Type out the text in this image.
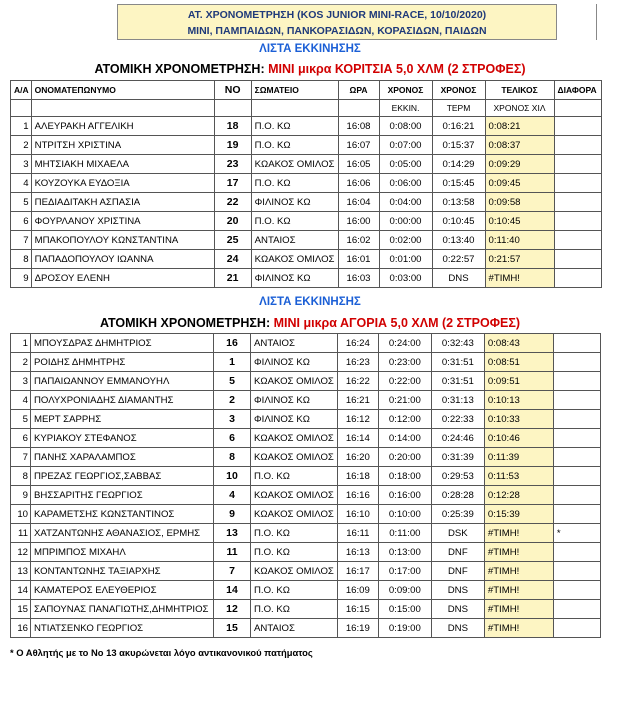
ΑΤ. ΧΡΟΝΟΜΕΤΡΗΣΗ (KOS JUNIOR MINI-RACE, 10/10/2020)
ΜΙΝΙ, ΠΑΜΠΑΙΔΩΝ, ΠΑΝΚΟΡΑΣΙΔΩΝ, ΚΟΡΑΣΙΔΩΝ, ΠΑΙΔΩΝ
ΛΙΣΤΑ ΕΚΚΙΝΗΣΗΣ
ΑΤΟΜΙΚΗ ΧΡΟΝΟΜΕΤΡΗΣΗ: ΜΙΝΙ μικρα ΚΟΡΙΤΣΙΑ 5,0 ΧΛΜ (2 ΣΤΡΟΦΕΣ)
Α/Α	ΟΝΟΜΑΤΕΠΩΝΥΜΟ	ΝΟ	ΣΩΜΑΤΕΙΟ	ΩΡΑ	ΧΡΟΝΟΣ	ΧΡΟΝΟΣ	ΤΕΛΙΚΟΣ	ΔΙΑΦΟΡΑ
					ΕΚΚΙΝ.	ΤΕΡΜ	ΧΡΟΝΟΣ ΧΙΛ	
1	ΑΛΕΥΡΑΚΗ ΑΓΓΕΛΙΚΗ	18	Π.Ο. ΚΩ	16:08	0:08:00	0:16:21	0:08:21	
2	ΝΤΡΙΤΣΗ ΧΡΙΣΤΙΝΑ	19	Π.Ο. ΚΩ	16:07	0:07:00	0:15:37	0:08:37	
3	ΜΗΤΣΙΑΚΗ ΜΙΧΑΕΛΑ	23	ΚΩΑΚΟΣ ΟΜΙΛΟΣ	16:05	0:05:00	0:14:29	0:09:29	
4	ΚΟΥΖΟΥΚΑ ΕΥΔΟΞΙΑ	17	Π.Ο. ΚΩ	16:06	0:06:00	0:15:45	0:09:45	
5	ΠΕΔΙΑΔΙΤΑΚΗ ΑΣΠΑΣΙΑ	22	ΦΙΛΙΝΟΣ ΚΩ	16:04	0:04:00	0:13:58	0:09:58	
6	ΦΟΥΡΛΑΝΟΥ ΧΡΙΣΤΙΝΑ	20	Π.Ο. ΚΩ	16:00	0:00:00	0:10:45	0:10:45	
7	ΜΠΑΚΟΠΟΥΛΟΥ ΚΩΝΣΤΑΝΤΙΝΑ	25	ΑΝΤΑΙΟΣ	16:02	0:02:00	0:13:40	0:11:40	
8	ΠΑΠΑΔΟΠΟΥΛΟΥ ΙΩΑΝΝΑ	24	ΚΩΑΚΟΣ ΟΜΙΛΟΣ	16:01	0:01:00	0:22:57	0:21:57	
9	ΔΡΟΣΟΥ ΕΛΕΝΗ	21	ΦΙΛΙΝΟΣ ΚΩ	16:03	0:03:00	DNS	#ΤΙΜΗ!	
ΛΙΣΤΑ ΕΚΚΙΝΗΣΗΣ
ΑΤΟΜΙΚΗ ΧΡΟΝΟΜΕΤΡΗΣΗ: ΜΙΝΙ μικρα ΑΓΟΡΙΑ 5,0 ΧΛΜ (2 ΣΤΡΟΦΕΣ)
1	ΜΠΟΥΣΔΡΑΣ ΔΗΜΗΤΡΙΟΣ	16	ΑΝΤΑΙΟΣ	16:24	0:24:00	0:32:43	0:08:43	
2	ΡΟΙΔΗΣ ΔΗΜΗΤΡΗΣ	1	ΦΙΛΙΝΟΣ ΚΩ	16:23	0:23:00	0:31:51	0:08:51	
3	ΠΑΠΑΙΩΑΝΝΟΥ ΕΜΜΑΝΟΥΗΛ	5	ΚΩΑΚΟΣ ΟΜΙΛΟΣ	16:22	0:22:00	0:31:51	0:09:51	
4	ΠΟΛΥΧΡΟΝΙΑΔΗΣ ΔΙΑΜΑΝΤΗΣ	2	ΦΙΛΙΝΟΣ ΚΩ	16:21	0:21:00	0:31:13	0:10:13	
5	ΜΕΡΤ ΣΑΡΡΗΣ	3	ΦΙΛΙΝΟΣ ΚΩ	16:12	0:12:00	0:22:33	0:10:33	
6	ΚΥΡΙΑΚΟΥ ΣΤΕΦΑΝΟΣ	6	ΚΩΑΚΟΣ ΟΜΙΛΟΣ	16:14	0:14:00	0:24:46	0:10:46	
7	ΠΑΝΗΣ ΧΑΡΑΛΑΜΠΟΣ	8	ΚΩΑΚΟΣ ΟΜΙΛΟΣ	16:20	0:20:00	0:31:39	0:11:39	
8	ΠΡΕΖΑΣ ΓΕΩΡΓΙΟΣ,ΣΑΒΒΑΣ	10	Π.Ο. ΚΩ	16:18	0:18:00	0:29:53	0:11:53	
9	ΒΗΣΣΑΡΙΤΗΣ ΓΕΩΡΓΙΟΣ	4	ΚΩΑΚΟΣ ΟΜΙΛΟΣ	16:16	0:16:00	0:28:28	0:12:28	
10	ΚΑΡΑΜΕΤΣΗΣ ΚΩΝΣΤΑΝΤΙΝΟΣ	9	ΚΩΑΚΟΣ ΟΜΙΛΟΣ	16:10	0:10:00	0:25:39	0:15:39	
11	ΧΑΤΖΑΝΤΩΝΗΣ ΑΘΑΝΑΣΙΟΣ, ΕΡΜΗΣ	13	Π.Ο. ΚΩ	16:11	0:11:00	DSK	#ΤΙΜΗ!	*
12	ΜΠΡΙΜΠΟΣ ΜΙΧΑΗΛ	11	Π.Ο. ΚΩ	16:13	0:13:00	DNF	#ΤΙΜΗ!	
13	ΚΟΝΤΑΝΤΩΝΗΣ ΤΑΞΙΑΡΧΗΣ	7	ΚΩΑΚΟΣ ΟΜΙΛΟΣ	16:17	0:17:00	DNF	#ΤΙΜΗ!	
14	ΚΑΜΑΤΕΡΟΣ ΕΛΕΥΘΕΡΙΟΣ	14	Π.Ο. ΚΩ	16:09	0:09:00	DNS	#ΤΙΜΗ!	
15	ΣΑΠΟΥΝΑΣ ΠΑΝΑΓΙΩΤΗΣ,ΔΗΜΗΤΡΙΟΣ	12	Π.Ο. ΚΩ	16:15	0:15:00	DNS	#ΤΙΜΗ!	
16	ΝΤΙΑΤΣΕΝΚΟ ΓΕΩΡΓΙΟΣ	15	ΑΝΤΑΙΟΣ	16:19	0:19:00	DNS	#ΤΙΜΗ!	
* Ο Αθλητής με το Νο 13 ακυρώνεται λόγο αντικανονικού πατήματος
